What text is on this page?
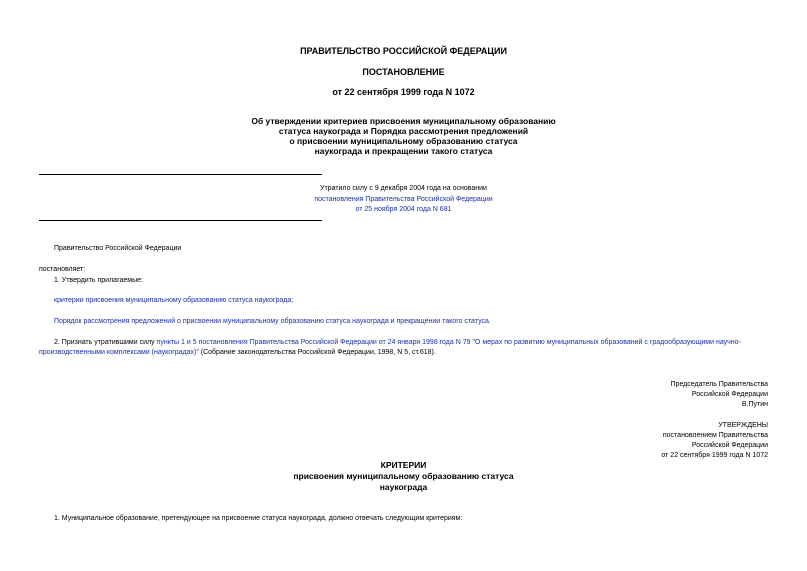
ПРАВИТЕЛЬСТВО РОССИЙСКОЙ ФЕДЕРАЦИИ
ПОСТАНОВЛЕНИЕ
от 22 сентября 1999 года N 1072
Об утверждении критериев присвоения муниципальному образованию
статуса наукограда и Порядка рассмотрения предложений
о присвоении муниципальному образованию статуса
наукограда и прекращении такого статуса
Утратило силу с 9 декабря 2004 года на основании
постановления Правительства Российской Федерации
от 25 ноября 2004 года N 681
Правительство Российской Федерации
постановляет:
1. Утвердить прилагаемые:
критерии присвоения муниципальному образованию статуса наукограда;
Порядок рассмотрения предложений о присвоении муниципальному образованию статуса наукограда и прекращении такого статуса.
2. Признать утратившими силу пункты 1 и 5 постановления Правительства Российской Федерации от 24 января 1998 года N 79 "О мерах по развитию муниципальных образований с градообразующими научно-
производственными комплексами (наукоградах)" (Собрание законодательства Российской Федерации, 1998, N 5, ст.618).
Председатель Правительства
Российской Федерации
В.Путин
УТВЕРЖДЕНЫ
постановлением Правительства
Российской Федерации
от 22 сентября 1999 года N 1072
КРИТЕРИИ
присвоения муниципальному образованию статуса
наукограда
1. Муниципальное образование, претендующее на присвоение статуса наукограда, должно отвечать следующим критериям:
